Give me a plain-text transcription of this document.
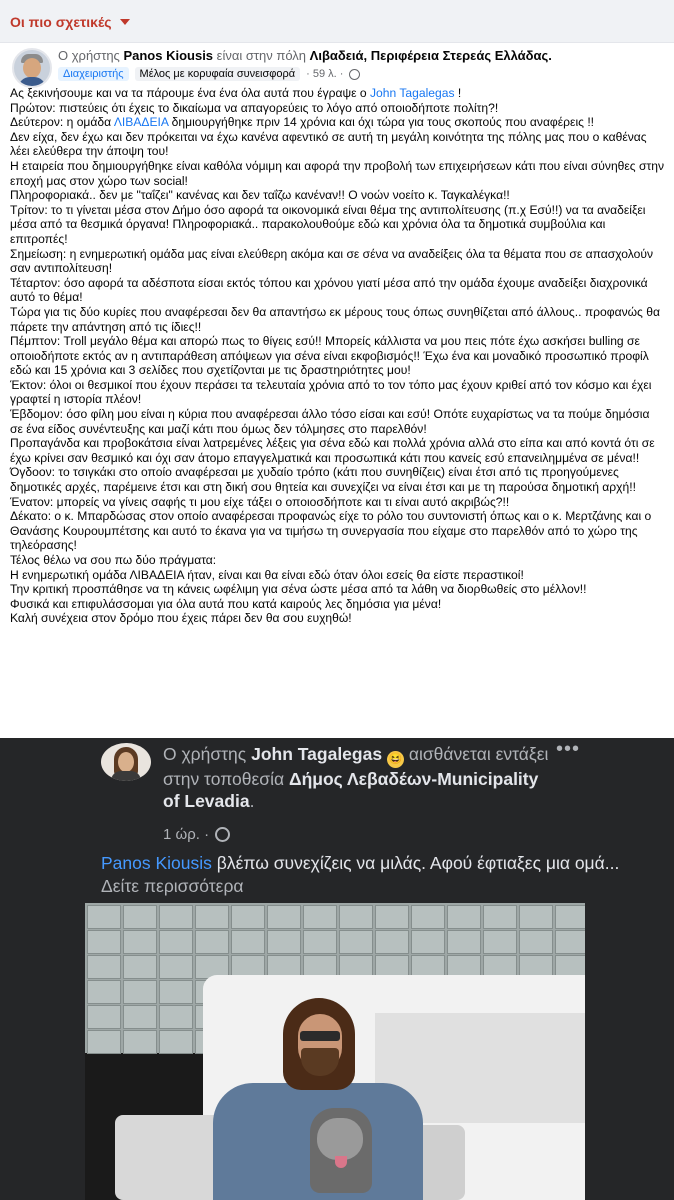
Οι πιο σχετικές
Ο χρήστης Panos Kiousis είναι στην πόλη Λιβαδειά, Περιφέρεια Στερεάς Ελλάδας.
Διαχειριστής	Μέλος με κορυφαία συνεισφορά	· 59 λ. ·

Ας ξεκινήσουμε και να τα πάρουμε ένα ένα όλα αυτά που έγραψε ο John Tagalegas !

Πρώτον: πιστεύεις ότι έχεις το δικαίωμα να απαγορεύεις το λόγο από οποιοδήποτε πολίτη?!

Δεύτερον: η ομάδα ΛΙΒΑΔΕΙΑ δημιουργήθηκε πριν 14 χρόνια και όχι τώρα για τους σκοπούς που αναφέρεις !!

Δεν είχα, δεν έχω και δεν πρόκειται να έχω κανένα αφεντικό σε αυτή τη μεγάλη κοινότητα της πόλης μας που ο καθένας λέει ελεύθερα την άποψη του!

Η εταιρεία που δημιουργήθηκε είναι καθόλα νόμιμη και αφορά την προβολή των επιχειρήσεων κάτι που είναι σύνηθες στην εποχή μας στον χώρο των social!

Πληροφοριακά.. δεν με "ταΐζει" κανένας και δεν ταΐζω κανέναν!! Ο νοών νοείτο κ. Ταγκαλέγκα!!

Τρίτον: το τι γίνεται μέσα στον Δήμο όσο αφορά τα οικονομικά είναι θέμα της αντιπολίτευσης (π.χ Εσύ!!) να τα αναδείξει μέσα από τα θεσμικά όργανα! Πληροφοριακά.. παρακολουθούμε εδώ και χρόνια όλα τα δημοτικά συμβούλια και επιτροπές!

Σημείωση: η ενημερωτική ομάδα μας είναι ελεύθερη ακόμα και σε σένα να αναδείξεις όλα τα θέματα που σε απασχολούν σαν αντιπολίτευση!

Τέταρτον: όσο αφορά τα αδέσποτα είσαι εκτός τόπου και χρόνου γιατί μέσα από την ομάδα έχουμε αναδείξει διαχρονικά αυτό το θέμα!

Τώρα για τις δύο κυρίες που αναφέρεσαι δεν θα απαντήσω εκ μέρους τους όπως συνηθίζεται από άλλους.. προφανώς θα πάρετε την απάντηση από τις ίδιες!!

Πέμπτον: Troll μεγάλο θέμα και απορώ πως το θίγεις εσύ!! Μπορείς κάλλιστα να μου πεις πότε έχω ασκήσει bulling σε οποιοδήποτε εκτός αν η αντιπαράθεση απόψεων για σένα είναι εκφοβισμός!! Έχω ένα και μοναδικό προσωπικό προφίλ εδώ και 15 χρόνια και 3 σελίδες που σχετίζονται με τις δραστηριότητες μου!

Έκτον: όλοι οι θεσμικοί που έχουν περάσει τα τελευταία χρόνια από το τον τόπο μας έχουν κριθεί από τον κόσμο και έχει γραφτεί η ιστορία πλέον!

Έβδομον: όσο φίλη μου είναι η κύρια που αναφέρεσαι άλλο τόσο είσαι και εσύ! Οπότε ευχαρίστως να τα πούμε δημόσια σε ένα είδος συνέντευξης και μαζί κάτι που όμως δεν τόλμησες στο παρελθόν!

Προπαγάνδα και προβοκάτσια είναι λατρεμένες λέξεις για σένα εδώ και πολλά χρόνια αλλά στο είπα και από κοντά ότι σε έχω κρίνει σαν θεσμικό και όχι σαν άτομο επαγγελματικά και προσωπικά κάτι που κανείς εσύ επανειλημμένα σε μένα!!

Όγδοον: το τσιγκάκι στο οποίο αναφέρεσαι με χυδαίο τρόπο (κάτι που συνηθίζεις) είναι έτσι από τις προηγούμενες δημοτικές αρχές, παρέμεινε έτσι και στη δική σου θητεία και συνεχίζει να είναι έτσι και με τη παρούσα δημοτική αρχή!!

Ένατον: μπορείς να γίνεις σαφής τι μου είχε τάξει ο οποιοσδήποτε και τι είναι αυτό ακριβώς?!!

Δέκατο: ο κ. Μπαρδώσας στον οποίο αναφέρεσαι προφανώς είχε το ρόλο του συντονιστή όπως και ο κ. Μερτζάνης και ο Θανάσης Κουρουμπέτσης και αυτό το έκανα για να τιμήσω τη συνεργασία που είχαμε στο παρελθόν από το χώρο της τηλεόρασης!

Τέλος θέλω να σου πω δύο πράγματα:

Η ενημερωτική ομάδα ΛΙΒΑΔΕΙΑ ήταν, είναι και θα είναι εδώ όταν όλοι εσείς θα είστε περαστικοί!

Την κριτική προσπάθησε να τη κάνεις ωφέλιμη για σένα ώστε μέσα από τα λάθη να διορθωθείς στο μέλλον!!

Φυσικά και επιφυλάσσομαι για όλα αυτά που κατά καιρούς λες δημόσια για μένα!

Καλή συνέχεια στον δρόμο που έχεις πάρει δεν θα σου ευχηθώ!

Ο χρήστης John Tagalegas 😆 αισθάνεται εντάξει στην τοποθεσία Δήμος Λεβαδέων-Municipality of Levadia.
•••
1 ώρ. ·
Panos Kiousis βλέπω συνεχίζεις να μιλάς. Αφού έφτιαξες μια ομά... Δείτε περισσότερα
